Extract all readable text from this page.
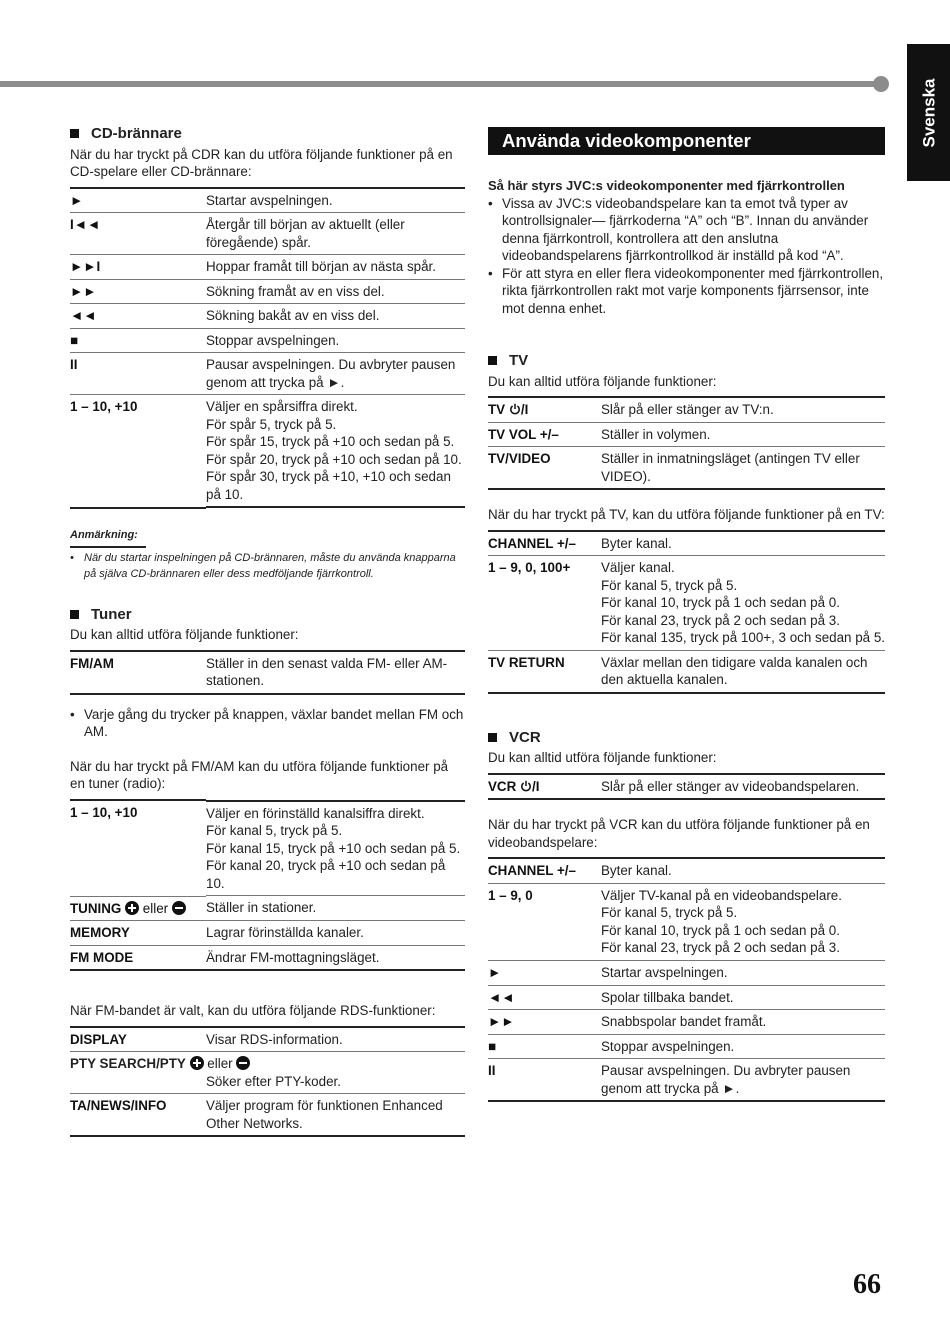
Svenska
CD-brännare

När du har tryckt på CDR kan du utföra följande funktioner på en CD-spelare eller CD-brännare:

►	Startar avspelningen.
I◄◄	Återgår till början av aktuellt (eller föregående) spår.
►►I	Hoppar framåt till början av nästa spår.
►►	Sökning framåt av en viss del.
◄◄	Sökning bakåt av en viss del.
■	Stoppar avspelningen.
II	Pausar avspelningen. Du avbryter pausen genom att trycka på ►.
1 – 10, +10		Väljer en spårsiffra direkt.
För spår 5, tryck på 5.
För spår 15, tryck på +10 och sedan på 5.
För spår 20, tryck på +10 och sedan på 10.
För spår 30, tryck på +10, +10 och sedan på 10.
Anmärkning:
• När du startar inspelningen på CD-brännaren, måste du använda knapparna på själva CD-brännaren eller dess medföljande fjärrkontroll.
Tuner

Du kan alltid utföra följande funktioner:

FM/AM	Ställer in den senast valda FM- eller AM-stationen.

• Varje gång du trycker på knappen, växlar bandet mellan FM och AM.

När du har tryckt på FM/AM kan du utföra följande funktioner på en tuner (radio):

1 – 10, +10		Väljer en förinställd kanalsiffra direkt.
För kanal 5, tryck på 5.
För kanal 15, tryck på +10 och sedan på 5.
För kanal 20, tryck på +10 och sedan på 10.

TUNING eller	Ställer in stationer.
MEMORY	Lagrar förinställda kanaler.
FM MODE	Ändrar FM-mottagningsläget.

När FM-bandet är valt, kan du utföra följande RDS-funktioner:

DISPLAY	Visar RDS-information.
PTY SEARCH/PTY eller
Söker efter PTY-koder.	

TA/NEWS/INFO	Väljer program för funktionen Enhanced Other Networks.
Använda videokomponenter

Så här styrs JVC:s videokomponenter med fjärrkontrollen

• Vissa av JVC:s videobandspelare kan ta emot två typer av kontrollsignaler— fjärrkoderna “A” och “B”. Innan du använder denna fjärrkontroll, kontrollera att den anslutna videobandspelarens fjärrkontrollkod är inställd på kod “A”.

• För att styra en eller flera videokomponenter med fjärrkontrollen, rikta fjärrkontrollen rakt mot varje komponents fjärrsensor, inte mot denna enhet.

TV

Du kan alltid utföra följande funktioner:

TV /I	Slår på eller stänger av TV:n.
TV VOL +/–	Ställer in volymen.
TV/VIDEO	Ställer in inmatningsläget (antingen TV eller VIDEO).

När du har tryckt på TV, kan du utföra följande funktioner på en TV:

CHANNEL +/–	Byter kanal.
1 – 9, 0, 100+	Väljer kanal.
För kanal 5, tryck på 5.
För kanal 10, tryck på 1 och sedan på 0.
För kanal 23, tryck på 2 och sedan på 3.
För kanal 135, tryck på 100+, 3 och sedan på 5.

TV RETURN	Växlar mellan den tidigare valda kanalen och den aktuella kanalen.
VCR

Du kan alltid utföra följande funktioner:

VCR /I	Slår på eller stänger av videobandspelaren.

När du har tryckt på VCR kan du utföra följande funktioner på en videobandspelare:

CHANNEL +/–	Byter kanal.
1 – 9, 0		Väljer TV-kanal på en videobandspelare.
För kanal 5, tryck på 5.
För kanal 10, tryck på 1 och sedan på 0.
För kanal 23, tryck på 2 och sedan på 3.

►	Startar avspelningen.
◄◄	Spolar tillbaka bandet.
►►	Snabbspolar bandet framåt.
■	Stoppar avspelningen.
II	Pausar avspelningen. Du avbryter pausen genom att trycka på ►.
66
